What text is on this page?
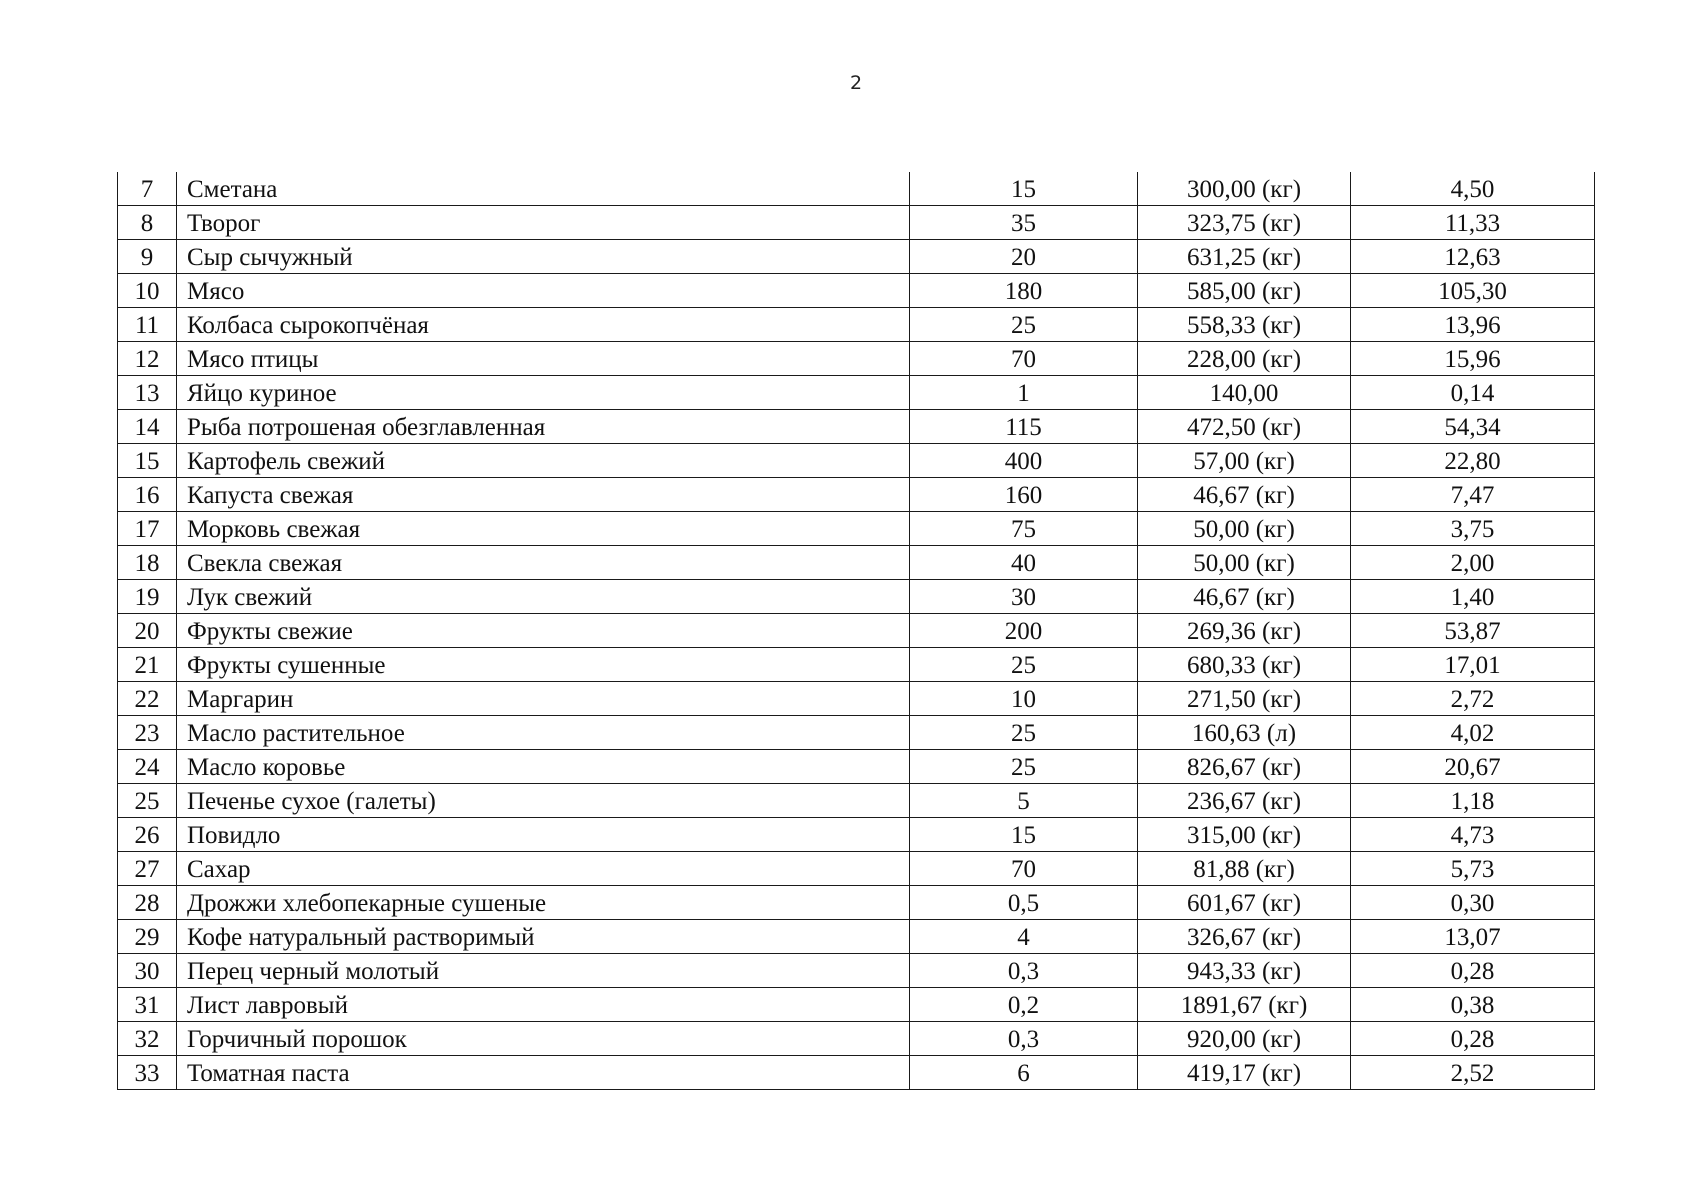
2
7	Сметана	15	300,00 (кг)	4,50
8	Творог	35	323,75 (кг)	11,33
9	Сыр сычужный	20	631,25 (кг)	12,63
10	Мясо	180	585,00 (кг)	105,30
11	Колбаса сырокопчёная	25	558,33 (кг)	13,96
12	Мясо птицы	70	228,00 (кг)	15,96
13	Яйцо куриное	1	140,00	0,14
14	Рыба потрошеная обезглавленная	115	472,50 (кг)	54,34
15	Картофель свежий	400	57,00 (кг)	22,80
16	Капуста свежая	160	46,67 (кг)	7,47
17	Морковь свежая	75	50,00 (кг)	3,75
18	Свекла свежая	40	50,00 (кг)	2,00
19	Лук свежий	30	46,67 (кг)	1,40
20	Фрукты свежие	200	269,36 (кг)	53,87
21	Фрукты сушенные	25	680,33 (кг)	17,01
22	Маргарин	10	271,50 (кг)	2,72
23	Масло растительное	25	160,63 (л)	4,02
24	Масло коровье	25	826,67 (кг)	20,67
25	Печенье сухое (галеты)	5	236,67 (кг)	1,18
26	Повидло	15	315,00 (кг)	4,73
27	Сахар	70	81,88 (кг)	5,73
28	Дрожжи хлебопекарные сушеные	0,5	601,67 (кг)	0,30
29	Кофе натуральный растворимый	4	326,67 (кг)	13,07
30	Перец черный молотый	0,3	943,33 (кг)	0,28
31	Лист лавровый	0,2	1891,67 (кг)	0,38
32	Горчичный порошок	0,3	920,00 (кг)	0,28
33	Томатная паста	6	419,17 (кг)	2,52
